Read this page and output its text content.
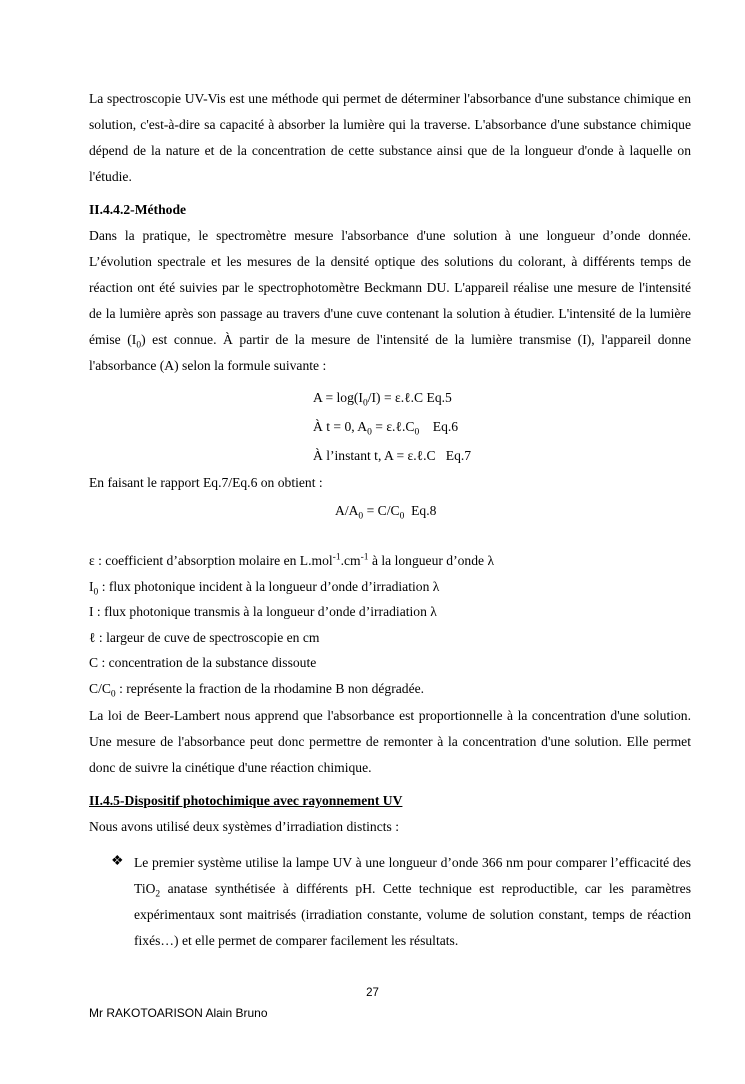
La spectroscopie UV-Vis est une méthode qui permet de déterminer l'absorbance d'une substance chimique en solution, c'est-à-dire sa capacité à absorber la lumière qui la traverse. L'absorbance d'une substance chimique dépend de la nature et de la concentration de cette substance ainsi que de la longueur d'onde à laquelle on l'étudie.

II.4.4.2-Méthode

Dans la pratique, le spectromètre mesure l'absorbance d'une solution à une longueur d’onde donnée. L’évolution spectrale et les mesures de la densité optique des solutions du colorant, à différents temps de réaction ont été suivies par le spectrophotomètre Beckmann DU. L'appareil réalise une mesure de l'intensité de la lumière après son passage au travers d'une cuve contenant la solution à étudier. L'intensité de la lumière émise $(I_0)$ est connue. À partir de la mesure de l'intensité de la lumière transmise (I), l'appareil donne l'absorbance (A) selon la formule suivante :

$A = \log(I_0/I)$ = ε.ℓ.C Eq.5

À t = 0, $A_0$ = $\varepsilon.\ell.C_0$    Eq.6

À l’instant t, A = ε.ℓ.C   Eq.7

En faisant le rapport Eq.7/Eq.6 on obtient :

$A/A_0 = C/C_0$  Eq.8

ε : coefficient d’absorption molaire en $L.mol^{-1}.cm^{-1}$ à la longueur d’onde λ

$I_0$ : flux photonique incident à la longueur d’onde d’irradiation λ

I : flux photonique transmis à la longueur d’onde d’irradiation λ

ℓ : largeur de cuve de spectroscopie en cm

C : concentration de la substance dissoute

$C/C_0$ : représente la fraction de la rhodamine B non dégradée.

La loi de Beer-Lambert nous apprend que l'absorbance est proportionnelle à la concentration d'une solution. Une mesure de l'absorbance peut donc permettre de remonter à la concentration d'une solution. Elle permet donc de suivre la cinétique d'une réaction chimique.

II.4.5-Dispositif photochimique avec rayonnement UV

Nous avons utilisé deux systèmes d’irradiation distincts :

❖ Le premier système utilise la lampe UV à une longueur d’onde 366 nm pour comparer l’efficacité des TiO$_2$ anatase synthétisée à différents pH. Cette technique est reproductible, car les paramètres expérimentaux sont maitrisés (irradiation constante, volume de solution constant, temps de réaction fixés…) et elle permet de comparer facilement les résultats.

27
Mr RAKOTOARISON Alain Bruno
